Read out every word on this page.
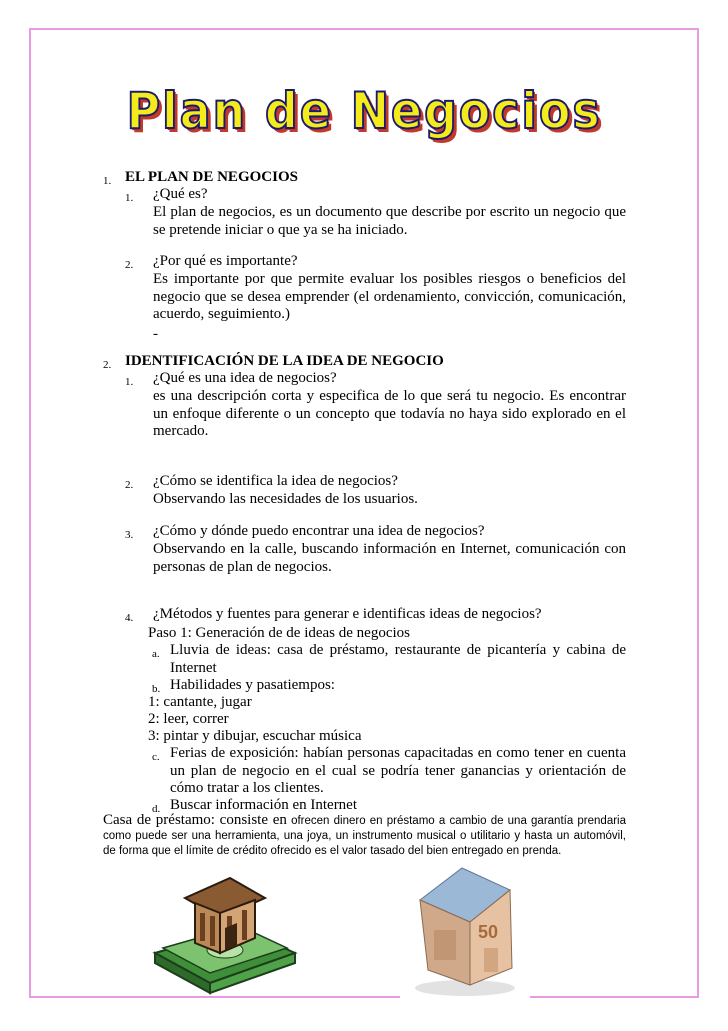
Plan de Negocios
1. EL PLAN DE NEGOCIOS
1. ¿Qué es?
El plan de negocios, es un documento que describe por escrito un negocio que se pretende iniciar o que ya se ha iniciado.
2. ¿Por qué es importante?
Es importante por que permite evaluar los posibles riesgos o beneficios del negocio que se desea emprender (el ordenamiento, convicción, comunicación, acuerdo, seguimiento.)
-
2. IDENTIFICACIÓN DE LA IDEA DE NEGOCIO
1. ¿Qué es una idea de negocios?
es una descripción corta y especifica de lo que será tu negocio. Es encontrar un enfoque diferente o un concepto que todavía no haya sido explorado en el mercado.
2. ¿Cómo se identifica la idea de negocios?
Observando las necesidades de los usuarios.
3. ¿Cómo y dónde puedo encontrar una idea de negocios?
Observando en la calle, buscando información en Internet, comunicación con personas de plan de negocios.
4. ¿Métodos y fuentes para generar e identificas ideas de negocios?
Paso 1: Generación de de ideas de negocios
a. Lluvia de ideas: casa de préstamo, restaurante de picantería y cabina de Internet
b. Habilidades y pasatiempos:
1: cantante, jugar
2: leer, correr
3: pintar y dibujar, escuchar música
c. Ferias de exposición: habían personas capacitadas en como tener en cuenta un plan de negocio en el cual se podría tener ganancias y orientación de cómo tratar a los clientes.
d. Buscar información en Internet
Casa de préstamo: consiste en ofrecen dinero en préstamo a cambio de una garantía prendaria como puede ser una herramienta, una joya, un instrumento musical o utilitario y hasta un automóvil, de forma que el límite de crédito ofrecido es el valor tasado del bien entregado en prenda.
50
